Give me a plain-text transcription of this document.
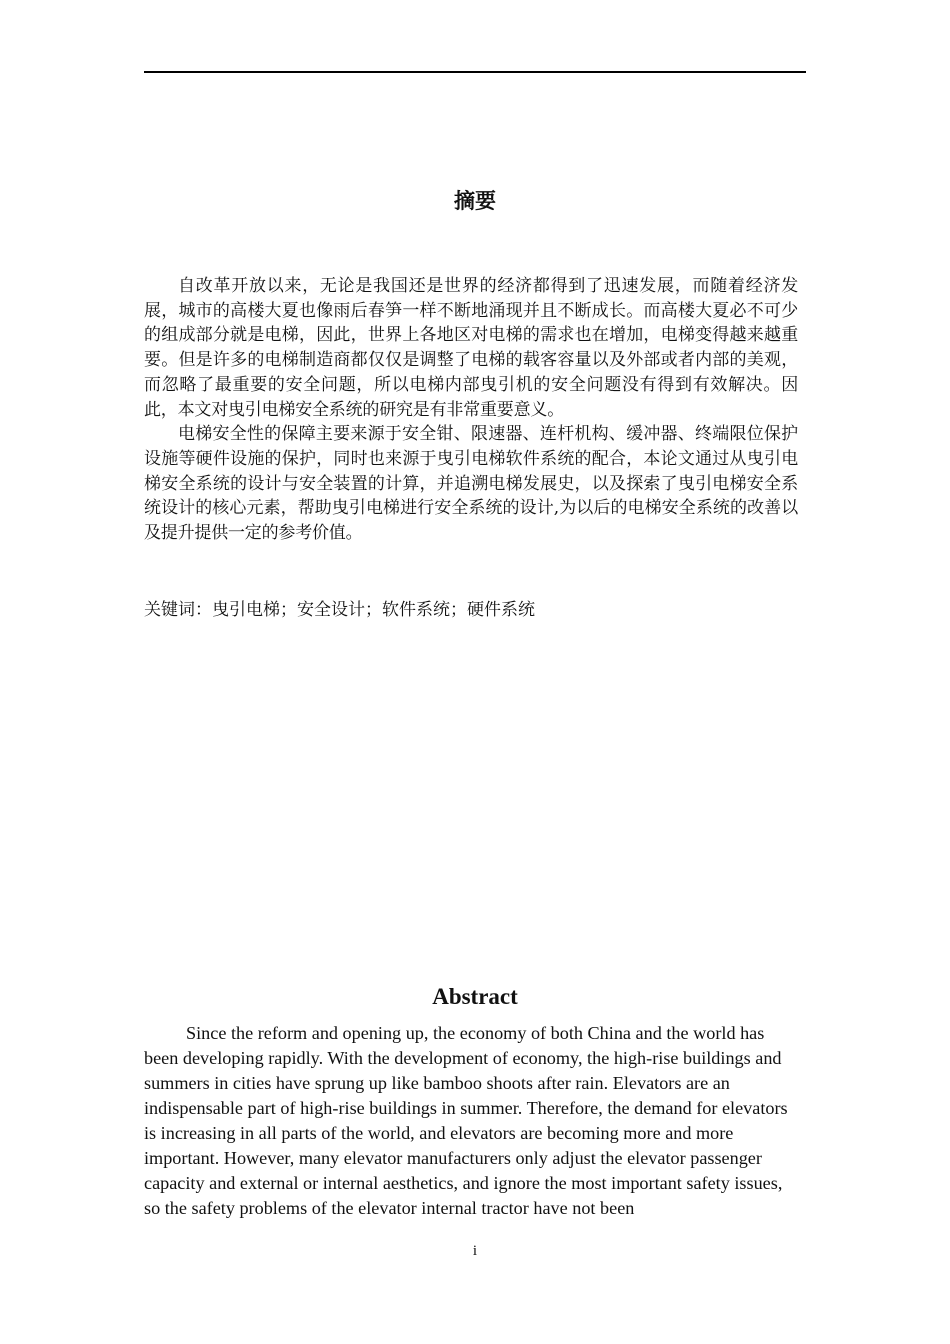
摘要

自改革开放以来，无论是我国还是世界的经济都得到了迅速发展，而随着经济发展，城市的高楼大夏也像雨后春笋一样不断地涌现并且不断成长。而高楼大夏必不可少的组成部分就是电梯，因此，世界上各地区对电梯的需求也在增加，电梯变得越来越重要。但是许多的电梯制造商都仅仅是调整了电梯的载客容量以及外部或者内部的美观，而忽略了最重要的安全问题，所以电梯内部曳引机的安全问题没有得到有效解决。因此，本文对曳引电梯安全系统的研究是有非常重要意义。

电梯安全性的保障主要来源于安全钳、限速器、连杆机构、缓冲器、终端限位保护设施等硬件设施的保护，同时也来源于曳引电梯软件系统的配合，本论文通过从曳引电梯安全系统的设计与安全装置的计算，并追溯电梯发展史，以及探索了曳引电梯安全系统设计的核心元素，帮助曳引电梯进行安全系统的设计,为以后的电梯安全系统的改善以及提升提供一定的参考价值。

关键词：曳引电梯；安全设计；软件系统；硬件系统
Abstract

Since the reform and opening up, the economy of both China and the world has been developing rapidly. With the development of economy, the high-rise buildings and summers in cities have sprung up like bamboo shoots after rain. Elevators are an indispensable part of high-rise buildings in summer. Therefore, the demand for elevators is increasing in all parts of the world, and elevators are becoming more and more important. However, many elevator manufacturers only adjust the elevator passenger capacity and external or internal aesthetics, and ignore the most important safety issues, so the safety problems of the elevator internal tractor have not been

i
